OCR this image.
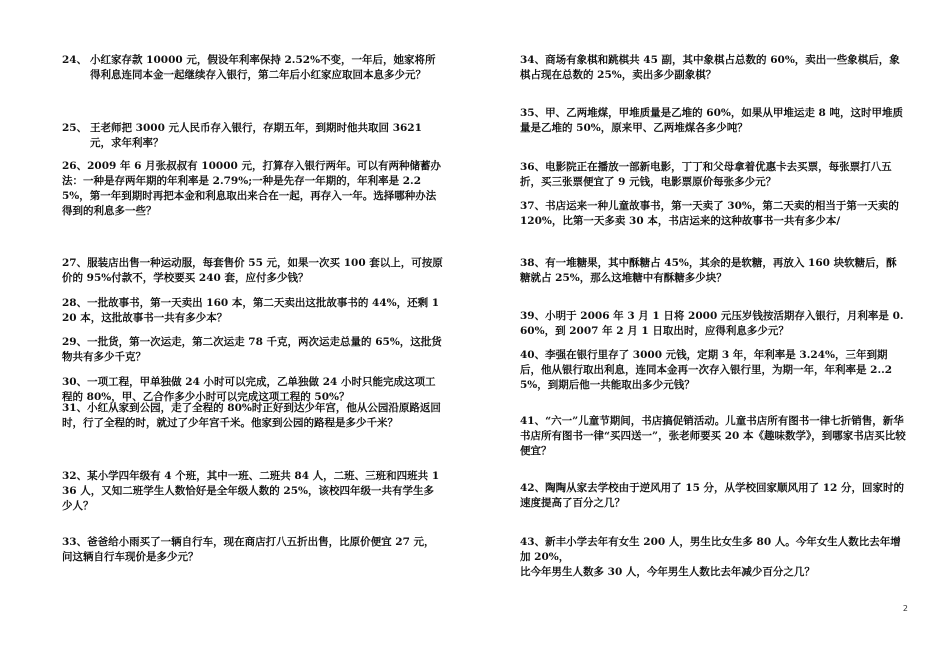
24、 小红家存款 10000 元，假设年利率保持 2.52%不变，一年后，她家将所得利息连同本金一起继续存入银行，第二年后小红家应取回本息多少元？

25、 王老师把 3000 元人民币存入银行，存期五年，到期时他共取回 3621 元，求年利率？

26、2009 年 6 月张叔叔有 10000 元，打算存入银行两年。可以有两种储蓄办法：一种是存两年期的年利率是 2.79%;一种是先存一年期的，年利率是 2.25%，第一年到期时再把本金和利息取出来合在一起，再存入一年。选择哪种办法得到的利息多一些？

27、服装店出售一种运动服，每套售价 55 元，如果一次买 100 套以上，可按原价的 95%付款不，学校要买 240 套，应付多少钱？

28、一批故事书，第一天卖出 160 本，第二天卖出这批故事书的 44%，还剩 120 本，这批故事书一共有多少本？

29、一批货，第一次运走，第二次运走 78 千克，两次运走总量的 65%，这批货物共有多少千克？

30、一项工程，甲单独做 24 小时可以完成，乙单独做 24 小时只能完成这项工程的 80%，甲、乙合作多少小时可以完成这项工程的 50%？

31、小红从家到公园，走了全程的 80%时正好到达少年宫，他从公园沿原路返回时，行了全程的时，就过了少年宫千米。他家到公园的路程是多少千米？

32、某小学四年级有 4 个班，其中一班、二班共 84 人，二班、三班和四班共 136 人，又知二班学生人数恰好是全年级人数的 25%，该校四年级一共有学生多少人？

33、爸爸给小雨买了一辆自行车，现在商店打八五折出售，比原价便宜 27 元，问这辆自行车现价是多少元？

34、商场有象棋和跳棋共 45 副，其中象棋占总数的 60%，卖出一些象棋后，象棋占现在总数的 25%，卖出多少副象棋？

35、甲、乙两堆煤，甲堆质量是乙堆的 60%，如果从甲堆运走 8 吨，这时甲堆质量是乙堆的 50%，原来甲、乙两堆煤各多少吨？

36、电影院正在播放一部新电影，丁丁和父母拿着优惠卡去买票，每张票打八五折，买三张票便宜了 9 元钱，电影票原价每张多少元？

37、书店运来一种儿童故事书，第一天卖了 30%，第二天卖的相当于第一天卖的 120%，比第一天多卖 30 本，书店运来的这种故事书一共有多少本/

38、有一堆糖果，其中酥糖占 45%，其余的是软糖，再放入 160 块软糖后，酥糖就占 25%，那么这堆糖中有酥糖多少块？

39、小明于 2006 年 3 月 1 日将 2000 元压岁钱按活期存入银行，月利率是 0.60%，到 2007 年 2 月 1 日取出时，应得利息多少元？

40、李强在银行里存了 3000 元钱，定期 3 年，年利率是 3.24%，三年到期后，他从银行取出利息，连同本金再一次存入银行里，为期一年，年利率是 2..25%，到期后他一共能取出多少元钱？

41、“六一”儿童节期间，书店搞促销活动。儿童书店所有图书一律七折销售，新华书店所有图书一律“买四送一”，张老师要买 20 本《趣味数学》，到哪家书店买比较便宜？

42、陶陶从家去学校由于逆风用了 15 分，从学校回家顺风用了 12 分，回家时的速度提高了百分之几？

43、新丰小学去年有女生 200 人，男生比女生多 80 人。今年女生人数比去年增加 20%，

比今年男生人数多 30 人，今年男生人数比去年减少百分之几？

2
